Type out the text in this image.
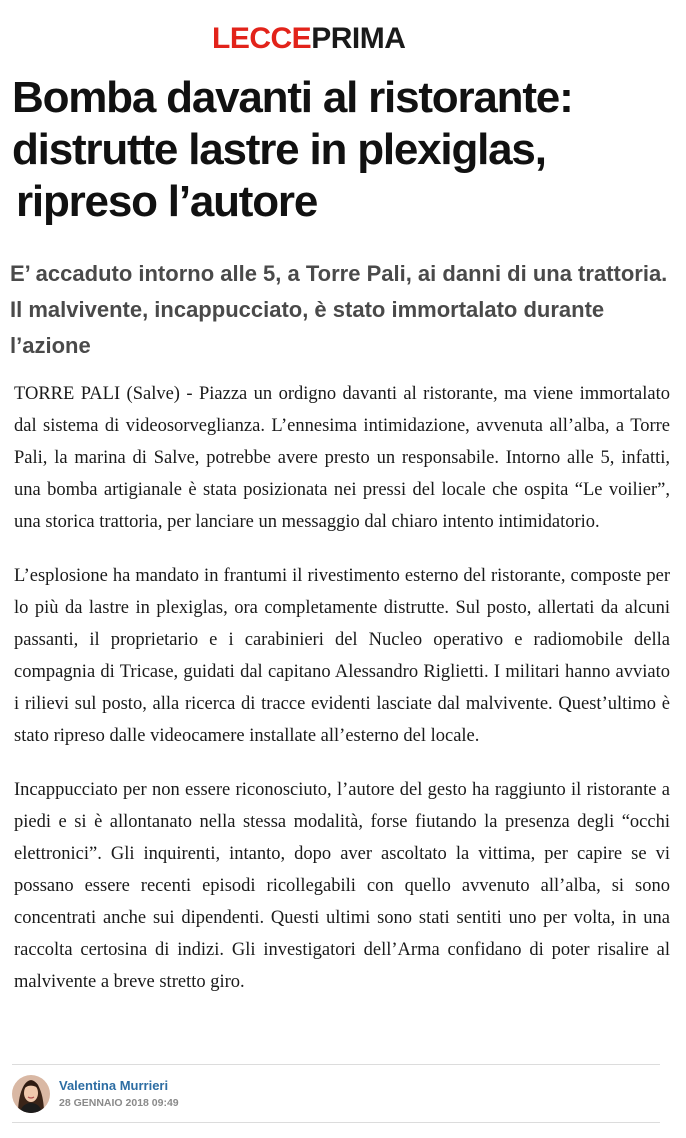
LECCEPRIMA
Bomba davanti al ristorante:
distrutte lastre in plexiglas,
ripreso l’autore
E’ accaduto intorno alle 5, a Torre Pali, ai danni di una trattoria.
Il malvivente, incappucciato, è stato immortalato durante
l’azione

TORRE PALI (Salve) - Piazza un ordigno davanti al ristorante, ma viene immortalato dal sistema di videosorveglianza. L’ennesima intimidazione, avvenuta all’alba, a Torre Pali, la marina di Salve, potrebbe avere presto un responsabile. Intorno alle 5, infatti, una bomba artigianale è stata posizionata nei pressi del locale che ospita “Le voilier”, una storica trattoria, per lanciare un messaggio dal chiaro intento intimidatorio.

L’esplosione ha mandato in frantumi il rivestimento esterno del ristorante, composte per lo più da lastre in plexiglas, ora completamente distrutte. Sul posto, allertati da alcuni passanti, il proprietario e i carabinieri del Nucleo operativo e radiomobile della compagnia di Tricase, guidati dal capitano Alessandro Riglietti. I militari hanno avviato i rilievi sul posto, alla ricerca di tracce evidenti lasciate dal malvivente. Quest’ultimo è stato ripreso dalle videocamere installate all’esterno del locale.

Incappucciato per non essere riconosciuto, l’autore del gesto ha raggiunto il ristorante a piedi e si è allontanato nella stessa modalità, forse fiutando la presenza degli “occhi elettronici”. Gli inquirenti, intanto, dopo aver ascoltato la vittima, per capire se vi possano essere recenti episodi ricollegabili con quello avvenuto all’alba, si sono concentrati anche sui dipendenti. Questi ultimi sono stati sentiti uno per volta, in una raccolta certosina di indizi. Gli investigatori dell’Arma confidano di poter risalire al malvivente a breve stretto giro.

Valentina Murrieri
28 GENNAIO 2018 09:49
